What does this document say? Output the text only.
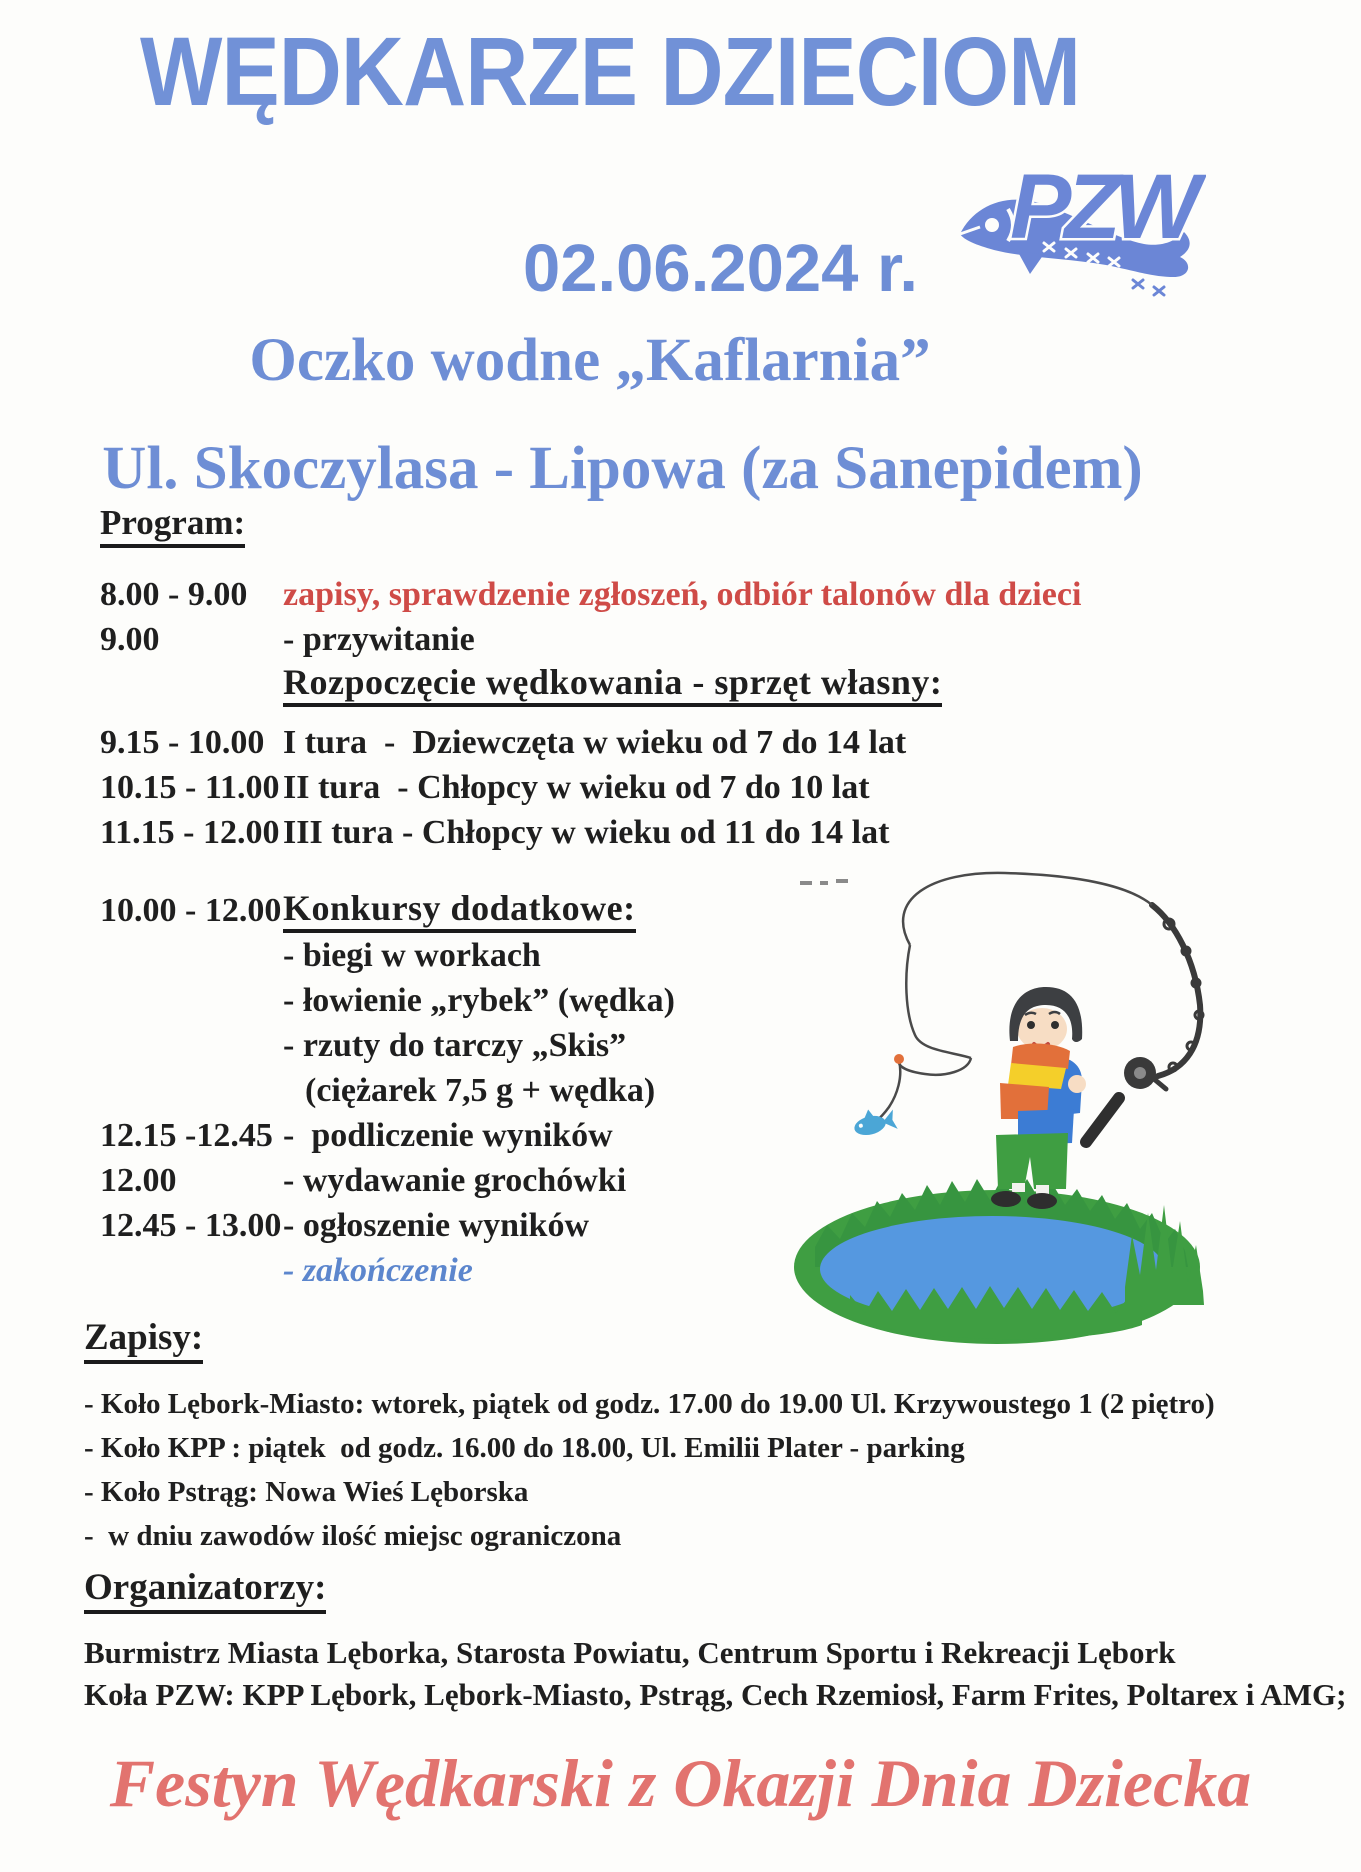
WĘDKARZE DZIECIOM
PZW
02.06.2024 r.
Oczko wodne „Kaflarnia”
Ul. Skoczylasa - Lipowa (za Sanepidem)
Program:
8.00 - 9.00 zapisy, sprawdzenie zgłoszeń, odbiór talonów dla dzieci
9.00	- przywitanie
Rozpoczęcie wędkowania - sprzęt własny:
9.15 - 10.00 I tura  -  Dziewczęta w wieku od 7 do 14 lat
10.15 - 11.00 II tura  - Chłopcy w wieku od 7 do 10 lat
11.15 - 12.00 III tura - Chłopcy w wieku od 11 do 14 lat
10.00 - 12.00Konkursy dodatkowe:
- biegi w workach
- łowienie „rybek” (wędka)
- rzuty do tarczy „Skis”
(ciężarek 7,5 g + wędka)
12.15 -12.45 -  podliczenie wyników
12.00	- wydawanie grochówki
12.45 - 13.00- ogłoszenie wyników
- zakończenie
Zapisy:
- Koło Lębork-Miasto: wtorek, piątek od godz. 17.00 do 19.00 Ul. Krzywoustego 1 (2 piętro)
- Koło KPP : piątek  od godz. 16.00 do 18.00, Ul. Emilii Plater - parking
- Koło Pstrąg: Nowa Wieś Lęborska
-  w dniu zawodów ilość miejsc ograniczona
Organizatorzy:
Burmistrz Miasta Lęborka, Starosta Powiatu, Centrum Sportu i Rekreacji Lębork
Koła PZW: KPP Lębork, Lębork-Miasto, Pstrąg, Cech Rzemiosł, Farm Frites, Poltarex i AMG;
Festyn Wędkarski z Okazji Dnia Dziecka
